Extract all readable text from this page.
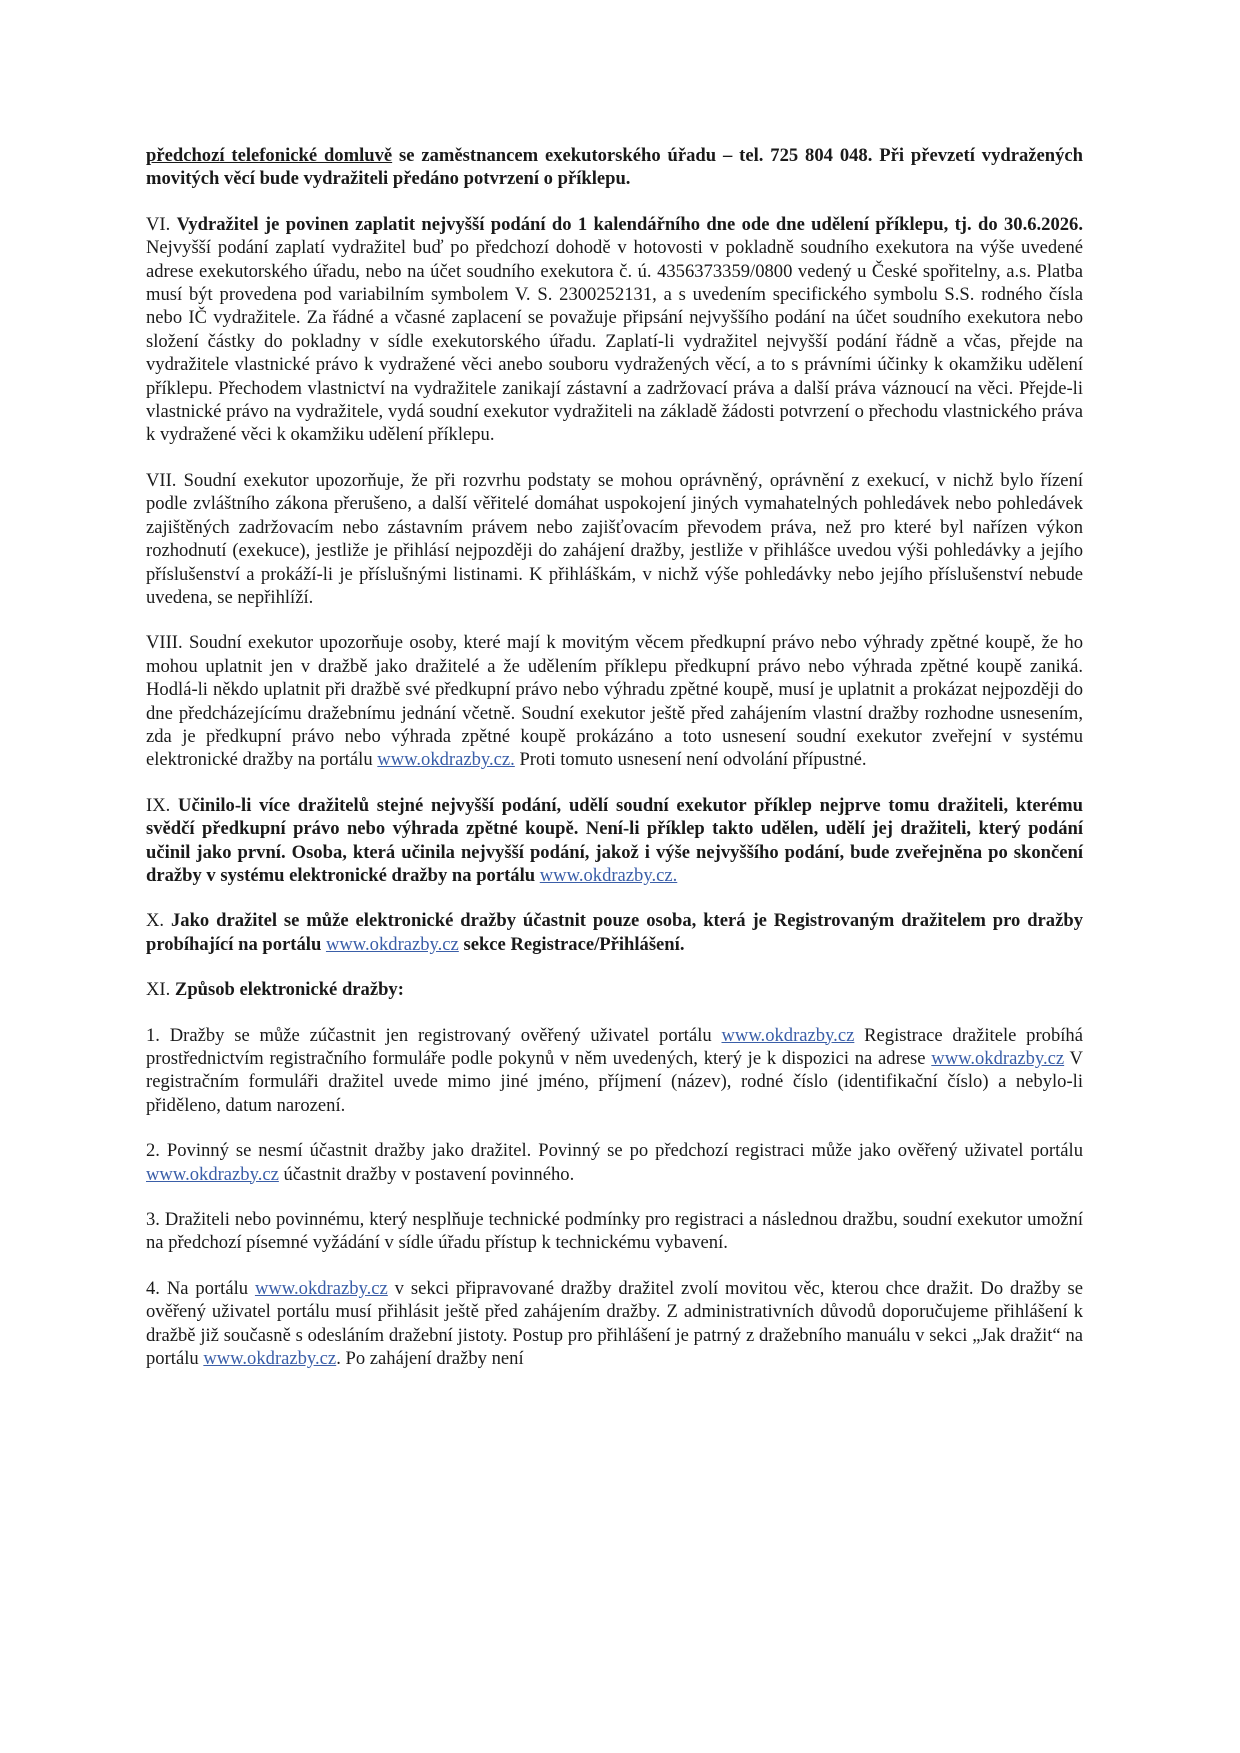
předchozí telefonické domluvě se zaměstnancem exekutorského úřadu – tel. 725 804 048. Při převzetí vydražených movitých věcí bude vydražiteli předáno potvrzení o příklepu.

VI. Vydražitel je povinen zaplatit nejvyšší podání do 1 kalendářního dne ode dne udělení příklepu, tj. do 30.6.2026. Nejvyšší podání zaplatí vydražitel buď po předchozí dohodě v hotovosti v pokladně soudního exekutora na výše uvedené adrese exekutorského úřadu, nebo na účet soudního exekutora č. ú. 4356373359/0800 vedený u České spořitelny, a.s. Platba musí být provedena pod variabilním symbolem V. S. 2300252131, a s uvedením specifického symbolu S.S. rodného čísla nebo IČ vydražitele. Za řádné a včasné zaplacení se považuje připsání nejvyššího podání na účet soudního exekutora nebo složení částky do pokladny v sídle exekutorského úřadu. Zaplatí-li vydražitel nejvyšší podání řádně a včas, přejde na vydražitele vlastnické právo k vydražené věci anebo souboru vydražených věcí, a to s právními účinky k okamžiku udělení příklepu. Přechodem vlastnictví na vydražitele zanikají zástavní a zadržovací práva a další práva váznoucí na věci. Přejde-li vlastnické právo na vydražitele, vydá soudní exekutor vydražiteli na základě žádosti potvrzení o přechodu vlastnického práva k vydražené věci k okamžiku udělení příklepu.

VII. Soudní exekutor upozorňuje, že při rozvrhu podstaty se mohou oprávněný, oprávnění z exekucí, v nichž bylo řízení podle zvláštního zákona přerušeno, a další věřitelé domáhat uspokojení jiných vymahatelných pohledávek nebo pohledávek zajištěných zadržovacím nebo zástavním právem nebo zajišťovacím převodem práva, než pro které byl nařízen výkon rozhodnutí (exekuce), jestliže je přihlásí nejpozději do zahájení dražby, jestliže v přihlášce uvedou výši pohledávky a jejího příslušenství a prokáží-li je příslušnými listinami. K přihláškám, v nichž výše pohledávky nebo jejího příslušenství nebude uvedena, se nepřihlíží.

VIII. Soudní exekutor upozorňuje osoby, které mají k movitým věcem předkupní právo nebo výhrady zpětné koupě, že ho mohou uplatnit jen v dražbě jako dražitelé a že udělením příklepu předkupní právo nebo výhrada zpětné koupě zaniká. Hodlá-li někdo uplatnit při dražbě své předkupní právo nebo výhradu zpětné koupě, musí je uplatnit a prokázat nejpozději do dne předcházejícímu dražebnímu jednání včetně. Soudní exekutor ještě před zahájením vlastní dražby rozhodne usnesením, zda je předkupní právo nebo výhrada zpětné koupě prokázáno a toto usnesení soudní exekutor zveřejní v systému elektronické dražby na portálu www.okdrazby.cz. Proti tomuto usnesení není odvolání přípustné.

IX. Učinilo-li více dražitelů stejné nejvyšší podání, udělí soudní exekutor příklep nejprve tomu dražiteli, kterému svědčí předkupní právo nebo výhrada zpětné koupě. Není-li příklep takto udělen, udělí jej dražiteli, který podání učinil jako první. Osoba, která učinila nejvyšší podání, jakož i výše nejvyššího podání, bude zveřejněna po skončení dražby v systému elektronické dražby na portálu www.okdrazby.cz.

X. Jako dražitel se může elektronické dražby účastnit pouze osoba, která je Registrovaným dražitelem pro dražby probíhající na portálu www.okdrazby.cz sekce Registrace/Přihlášení.

XI. Způsob elektronické dražby:

1. Dražby se může zúčastnit jen registrovaný ověřený uživatel portálu www.okdrazby.cz Registrace dražitele probíhá prostřednictvím registračního formuláře podle pokynů v něm uvedených, který je k dispozici na adrese www.okdrazby.cz V registračním formuláři dražitel uvede mimo jiné jméno, příjmení (název), rodné číslo (identifikační číslo) a nebylo-li přiděleno, datum narození.

2. Povinný se nesmí účastnit dražby jako dražitel. Povinný se po předchozí registraci může jako ověřený uživatel portálu www.okdrazby.cz účastnit dražby v postavení povinného.

3. Dražiteli nebo povinnému, který nesplňuje technické podmínky pro registraci a následnou dražbu, soudní exekutor umožní na předchozí písemné vyžádání v sídle úřadu přístup k technickému vybavení.

4. Na portálu www.okdrazby.cz v sekci připravované dražby dražitel zvolí movitou věc, kterou chce dražit. Do dražby se ověřený uživatel portálu musí přihlásit ještě před zahájením dražby. Z administrativních důvodů doporučujeme přihlášení k dražbě již současně s odesláním dražební jistoty. Postup pro přihlášení je patrný z dražebního manuálu v sekci „Jak dražit“ na portálu www.okdrazby.cz. Po zahájení dražby není
